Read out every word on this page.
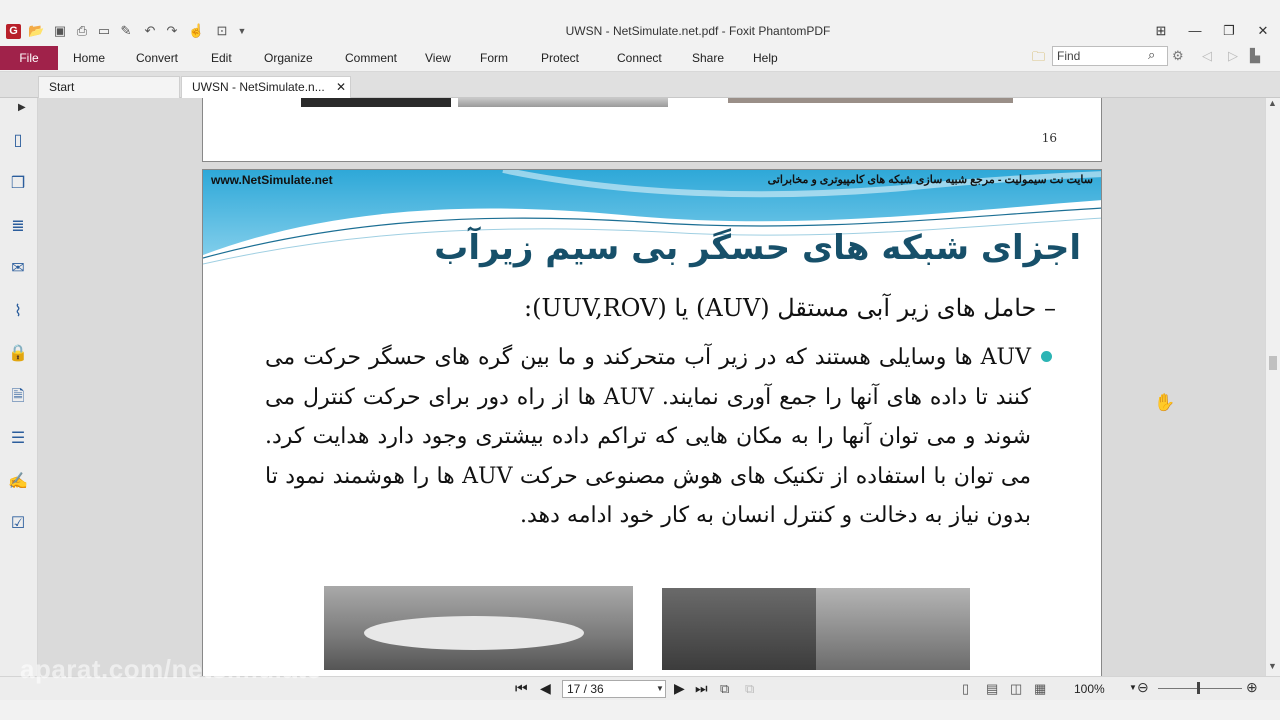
G 📂 ▣ ⎙ ▭ ✎ ↶ ↷ ☝ ⊡	▼	UWSN - NetSimulate.net.pdf - Foxit PhantomPDF	⊞	—	❐	✕
File	Home	Convert	Edit	Organize	Comment View Form	Protect	Connect	Share Help	🗀 Find	⌕ ⚙ ◁ ▷ ▙
Start	UWSN - NetSimulate.n... ✕
▯
❒
≣
✉
⌇
🔒
🗎
☰
✍
☑
▶
16
www.NetSimulate.net	سایت نت سیمولیت - مرجع شبیه سازی شبکه های کامپیوتری و مخابراتی
اجزای شبکه های حسگر بی سیم زیرآب
– حامل های زیر آبی مستقل (AUV) یا (UUV,ROV):
AUV ها وسایلی هستند که در زیر آب متحرکند و ما بین گره های حسگر حرکت می کنند تا داده های آنها را جمع آوری نمایند. AUV ها از راه دور برای حرکت کنترل می شوند و می توان آنها را به مکان هایی که تراکم داده بیشتری وجود دارد هدایت کرد. می توان با استفاده از تکنیک های هوش مصنوعی حرکت AUV ها را هوشمند نمود تا بدون نیاز به دخالت و کنترل انسان به کار خود ادامه دهد.
✋
▲
▼
⏮ ◀	17 / 36	▼ ▶ ⏭ ⧉ ⧉	▯ ▤ ◫ ▦ 100%	▼ ⊖	⊕
aparat.com/netsimulate
